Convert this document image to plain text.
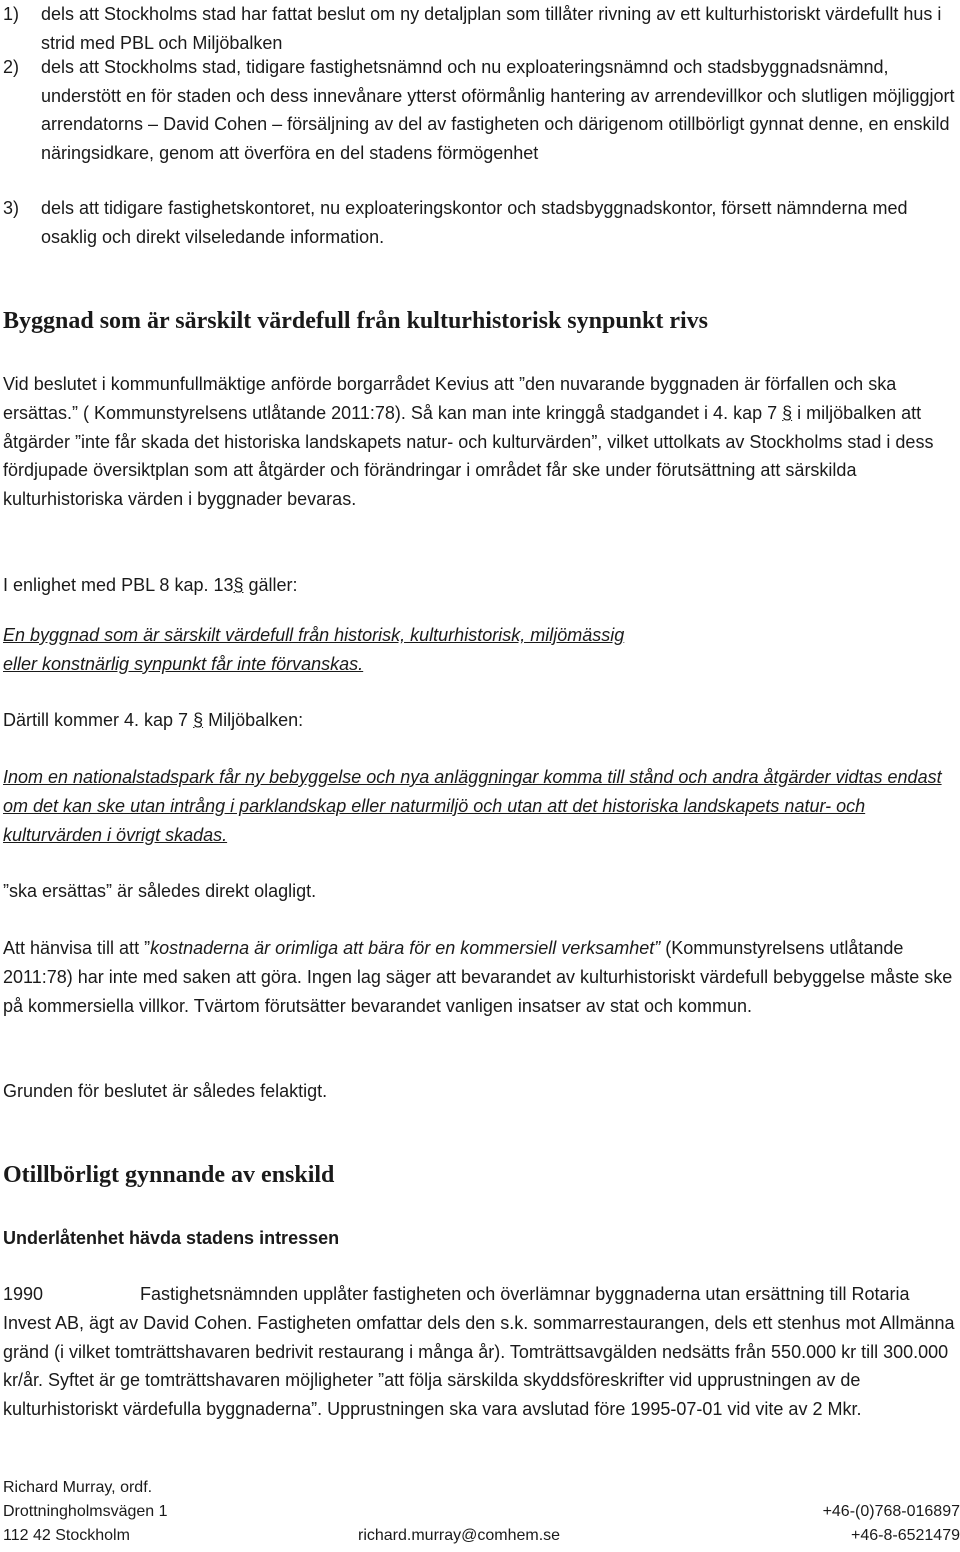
1)	dels att Stockholms stad har fattat beslut om ny detaljplan som tillåter rivning av ett kulturhistoriskt värdefullt hus i strid med PBL och Miljöbalken
2)	dels att Stockholms stad, tidigare fastighetsnämnd och nu exploateringsnämnd och stadsbyggnadsnämnd, understött en för staden och dess innevånare ytterst oförmånlig hantering av arrendevillkor och slutligen möjliggjort arrendatorns – David Cohen – försäljning av del av fastigheten och därigenom otillbörligt gynnat denne, en enskild näringsidkare, genom att överföra en del stadens förmögenhet
3)	dels att tidigare fastighetskontoret, nu exploateringskontor och stadsbyggnadskontor, försett nämnderna med osaklig och direkt vilseledande information.
Byggnad som är särskilt värdefull från kulturhistorisk synpunkt rivs
Vid beslutet i kommunfullmäktige anförde borgarrådet Kevius att ”den nuvarande byggnaden är förfallen och ska ersättas.” ( Kommunstyrelsens utlåtande 2011:78). Så kan man inte kringgå stadgandet i 4. kap 7 § i miljöbalken att åtgärder ”inte får skada det historiska landskapets natur- och kulturvärden”, vilket uttolkats av Stockholms stad i dess fördjupade översiktplan som att åtgärder och förändringar i området får ske under förutsättning att särskilda kulturhistoriska värden i byggnader bevaras.
I enlighet med PBL 8 kap. 13§ gäller:
En byggnad som är särskilt värdefull från historisk, kulturhistorisk, miljömässig eller konstnärlig synpunkt får inte förvanskas.
Därtill kommer 4. kap 7 § Miljöbalken:
Inom en nationalstadspark får ny bebyggelse och nya anläggningar komma till stånd och andra åtgärder vidtas endast om det kan ske utan intrång i parklandskap eller naturmiljö och utan att det historiska landskapets natur- och kulturvärden i övrigt skadas.
”ska ersättas” är således direkt olagligt.
Att hänvisa till att ”kostnaderna är orimliga att bära för en kommersiell verksamhet” (Kommunstyrelsens utlåtande 2011:78) har inte med saken att göra. Ingen lag säger att bevarandet av kulturhistoriskt värdefull bebyggelse måste ske på kommersiella villkor. Tvärtom förutsätter bevarandet vanligen insatser av stat och kommun.
Grunden för beslutet är således felaktigt.
Otillbörligt gynnande av enskild
Underlåtenhet hävda stadens intressen
1990	Fastighetsnämnden upplåter fastigheten och överlämnar byggnaderna utan ersättning till Rotaria Invest AB, ägt av David Cohen. Fastigheten omfattar dels den s.k. sommarrestaurangen, dels ett stenhus mot Allmänna gränd (i vilket tomträttshavaren bedrivit restaurang i många år). Tomträttsavgälden nedsätts från 550.000 kr till 300.000 kr/år. Syftet är ge tomträttshavaren möjligheter ”att följa särskilda skyddsföreskrifter vid upprustningen av de kulturhistoriskt värdefulla byggnaderna”. Upprustningen ska vara avslutad före 1995-07-01 vid vite av 2 Mkr.
Richard Murray, ordf.
Drottningholmsvägen 1	+46-(0)768-016897
112 42 Stockholm	richard.murray@comhem.se	+46-8-6521479
